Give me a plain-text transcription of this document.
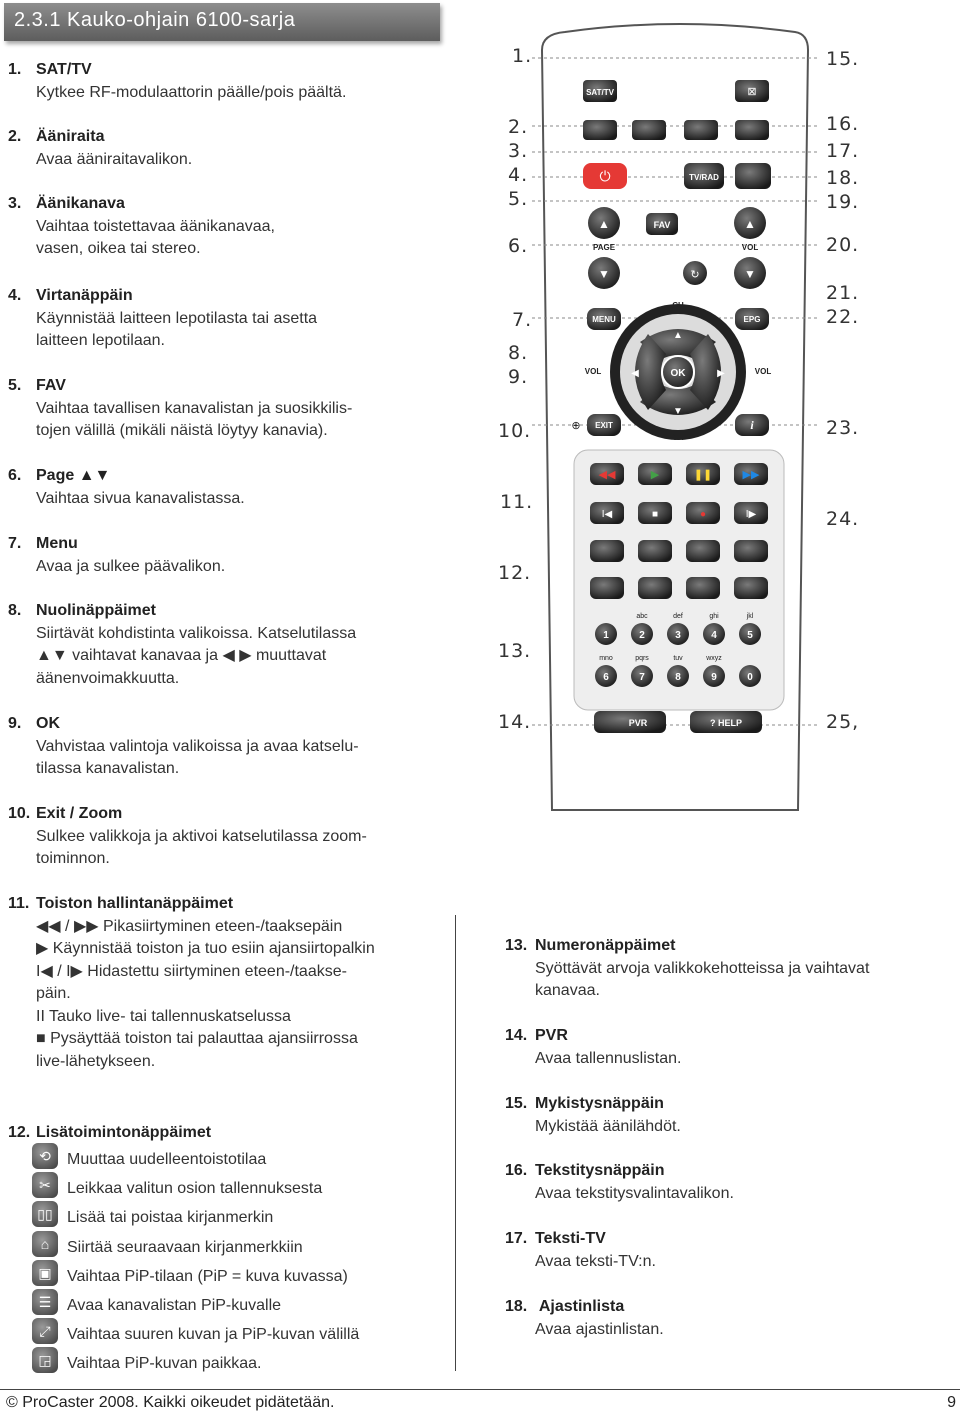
2.3.1 Kauko-ohjain 6100-sarja
1. SAT/TV
Kytkee RF-modulaattorin päälle/pois päältä.
2. Ääniraita
Avaa ääniraitavalikon.
3. Äänikanava
Vaihtaa toistettavaa äänikanavaa,
vasen, oikea tai stereo.
4. Virtanäppäin
Käynnistää laitteen lepotilasta tai asetta
laitteen lepotilaan.
5. FAV
Vaihtaa tavallisen kanavalistan ja suosikkilis-
tojen välillä (mikäli näistä löytyy kanavia).
6. Page ▲▼
Vaihtaa sivua kanavalistassa.
7. Menu
Avaa ja sulkee päävalikon.
8. Nuolinäppäimet
Siirtävät kohdistinta valikoissa. Katselutilassa
▲▼ vaihtavat kanavaa ja ◀ ▶ muuttavat
äänenvoimakkuutta.
9. OK
Vahvistaa valintoja valikoissa ja avaa katselu-
tilassa kanavalistan.
10. Exit / Zoom
Sulkee valikkoja ja aktivoi katselutilassa zoom-
toiminnon.
11. Toiston hallintanäppäimet
◀◀ / ▶▶ Pikasiirtyminen eteen-/taaksepäin
▶ Käynnistää toiston ja tuo esiin ajansiirtopalkin
I◀ / I▶ Hidastettu siirtyminen eteen-/taakse-
päin.
II Tauko live- tai tallennuskatselussa
■ Pysäyttää toiston tai palauttaa ajansiirrossa
live-lähetykseen.
12. Lisätoimintonäppäimet
⟲	Muuttaa uudelleentoistotilaa
✂	Leikkaa valitun osion tallennuksesta
▯▯ Lisää tai poistaa kirjanmerkin
⌂	Siirtää seuraavaan kirjanmerkkiin
▣ Vaihtaa PiP-tilaan (PiP = kuva kuvassa)
☰ Avaa kanavalistan PiP-kuvalle
⤢	Vaihtaa suuren kuvan ja PiP-kuvan välillä
◲ Vaihtaa PiP-kuvan paikkaa.
13. Numeronäppäimet
Syöttävät arvoja valikkokehotteissa ja vaihtavat
kanavaa.
14. PVR
Avaa tallennuslistan.
15. Mykistysnäppäin
Mykistää äänilähdöt.
16. Tekstitysnäppäin
Avaa tekstitysvalintavalikon.
17. Teksti-TV
Avaa teksti-TV:n.
18. Ajastinlista
Avaa ajastinlistan.
SAT/TV	⊠
⏻	TV/RAD
▲
PAGE
▼
FAV	▲
VOL
▼
↻
MENU	EPG
▲
▼
◀	▶
OK
CH
CH
VOL	VOL
EXIT
⊕	i
◀◀	▶	❚❚	▶▶
I◀	■	●	I▶
abc	def	ghi	jkl
1	2	3	4	5
mno	pqrs	tuv	wxyz
6	7	8	9	0
PVR	? HELP
1.
2.
3.
4.
5.
6.
7.
8.
9.
10.
11.
12.
13.
14.
15.
16.
17.
18.
19.
20.
21.
22.
23.
24.
25,
© ProCaster 2008. Kaikki oikeudet pidätetään.	9
